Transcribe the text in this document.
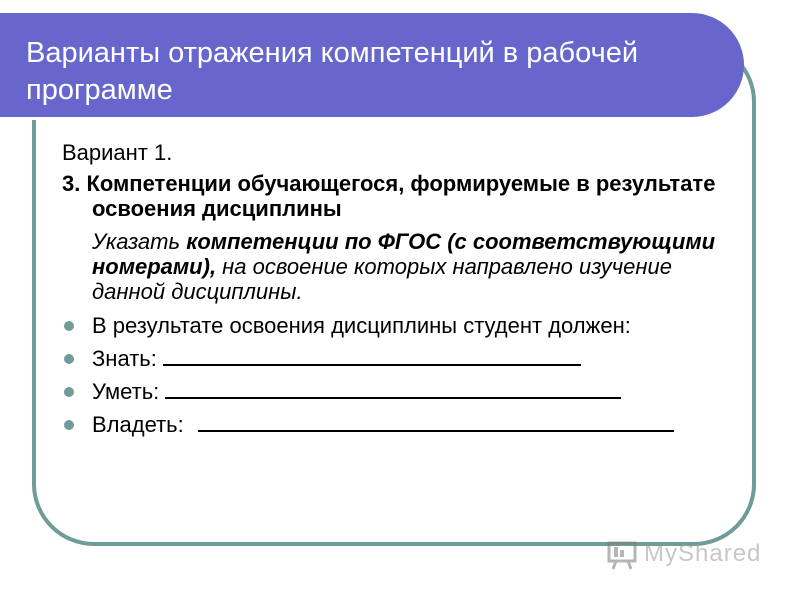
Варианты отражения компетенций в рабочей программе

Вариант 1.

3. Компетенции обучающегося, формируемые в результате освоения дисциплины

Указать компетенции по ФГОС (с соответствующими номерами), на освоение которых направлено изучение данной дисциплины.

В результате освоения дисциплины студент должен:
Знать:
Уметь:
Владеть:
MyShared
